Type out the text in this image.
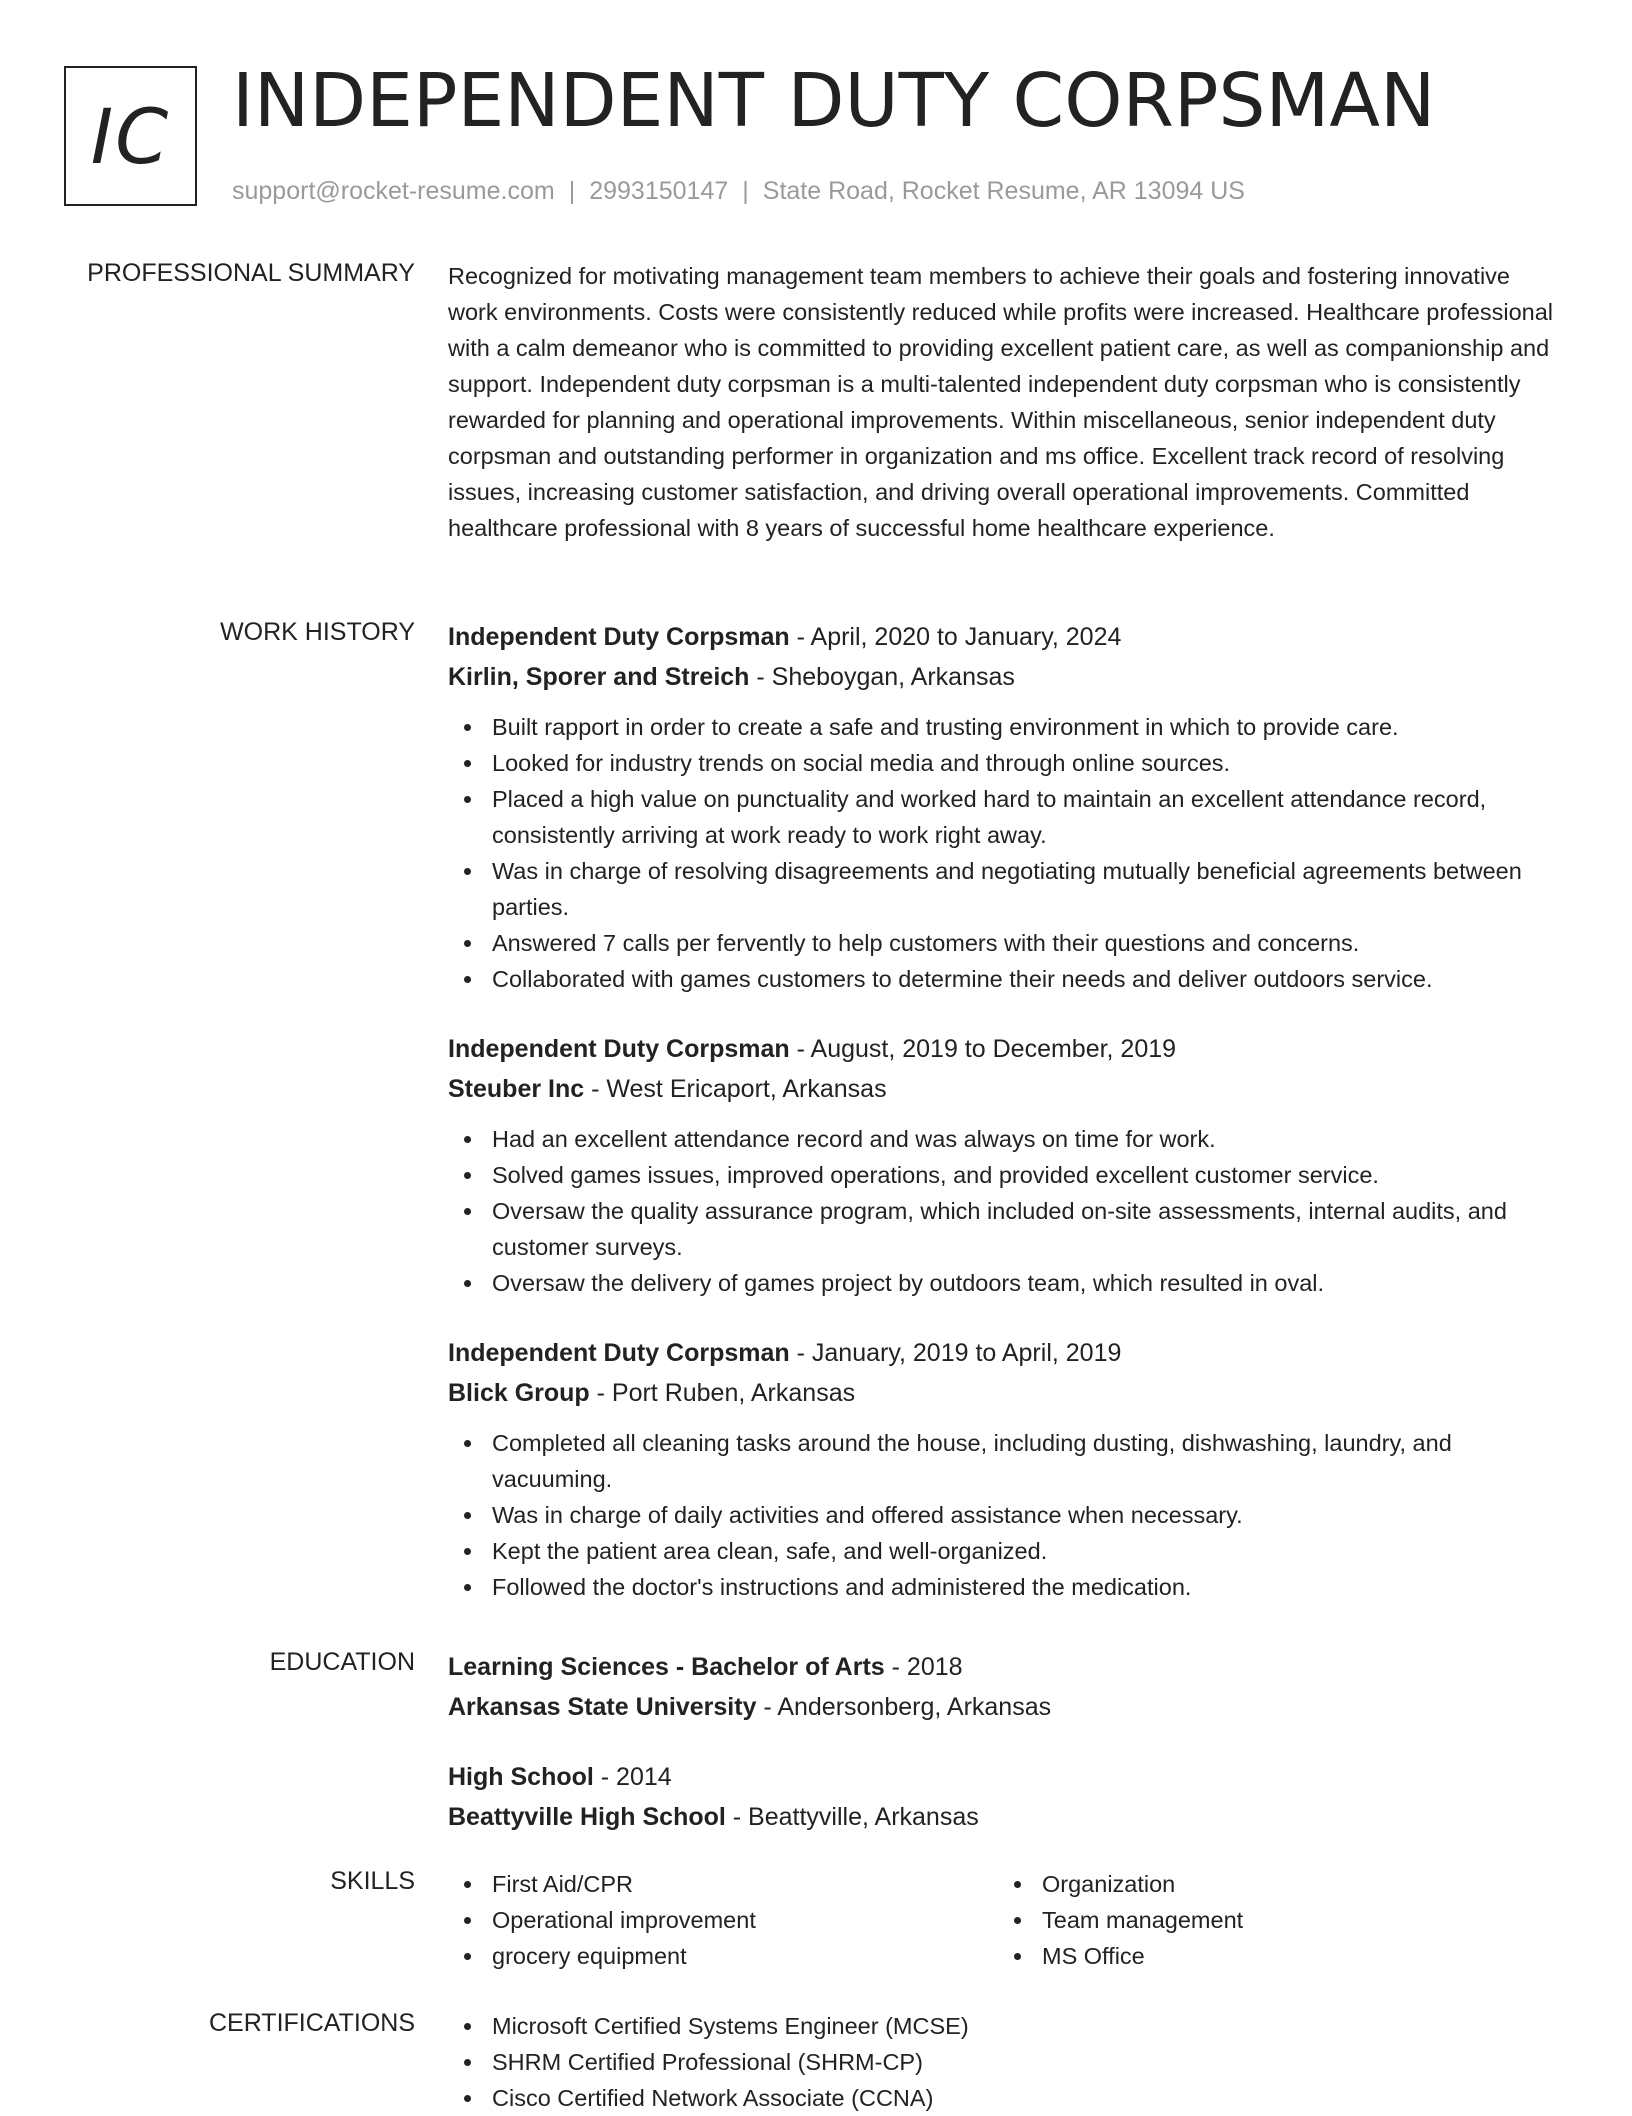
IC INDEPENDENT DUTY CORPSMAN
support@rocket-resume.com | 2993150147 | State Road, Rocket Resume, AR 13094 US
PROFESSIONAL SUMMARY Recognized for motivating management team members to achieve their goals and fostering innovative work environments. Costs were consistently reduced while profits were increased. Healthcare professional with a calm demeanor who is committed to providing excellent patient care, as well as companionship and support. Independent duty corpsman is a multi-talented independent duty corpsman who is consistently rewarded for planning and operational improvements. Within miscellaneous, senior independent duty corpsman and outstanding performer in organization and ms office. Excellent track record of resolving issues, increasing customer satisfaction, and driving overall operational improvements. Committed healthcare professional with 8 years of successful home healthcare experience.

WORK HISTORY Independent Duty Corpsman - April, 2020 to January, 2024
Kirlin, Sporer and Streich - Sheboygan, Arkansas
Built rapport in order to create a safe and trusting environment in which to provide care.
Looked for industry trends on social media and through online sources.
Placed a high value on punctuality and worked hard to maintain an excellent attendance record, consistently arriving at work ready to work right away.
Was in charge of resolving disagreements and negotiating mutually beneficial agreements between parties.
Answered 7 calls per fervently to help customers with their questions and concerns.
Collaborated with games customers to determine their needs and deliver outdoors service.
Independent Duty Corpsman - August, 2019 to December, 2019
Steuber Inc - West Ericaport, Arkansas
Had an excellent attendance record and was always on time for work.
Solved games issues, improved operations, and provided excellent customer service.
Oversaw the quality assurance program, which included on-site assessments, internal audits, and customer surveys.
Oversaw the delivery of games project by outdoors team, which resulted in oval.
Independent Duty Corpsman - January, 2019 to April, 2019
Blick Group - Port Ruben, Arkansas
Completed all cleaning tasks around the house, including dusting, dishwashing, laundry, and vacuuming.
Was in charge of daily activities and offered assistance when necessary.
Kept the patient area clean, safe, and well-organized.
Followed the doctor's instructions and administered the medication.
EDUCATION Learning Sciences - Bachelor of Arts - 2018
Arkansas State University - Andersonberg, Arkansas
High School - 2014
Beattyville High School - Beattyville, Arkansas
SKILLS	First Aid/CPR
Operational improvement
grocery equipment
Organization
Team management
MS Office
CERTIFICATIONS	Microsoft Certified Systems Engineer (MCSE)
SHRM Certified Professional (SHRM-CP)
Cisco Certified Network Associate (CCNA)
